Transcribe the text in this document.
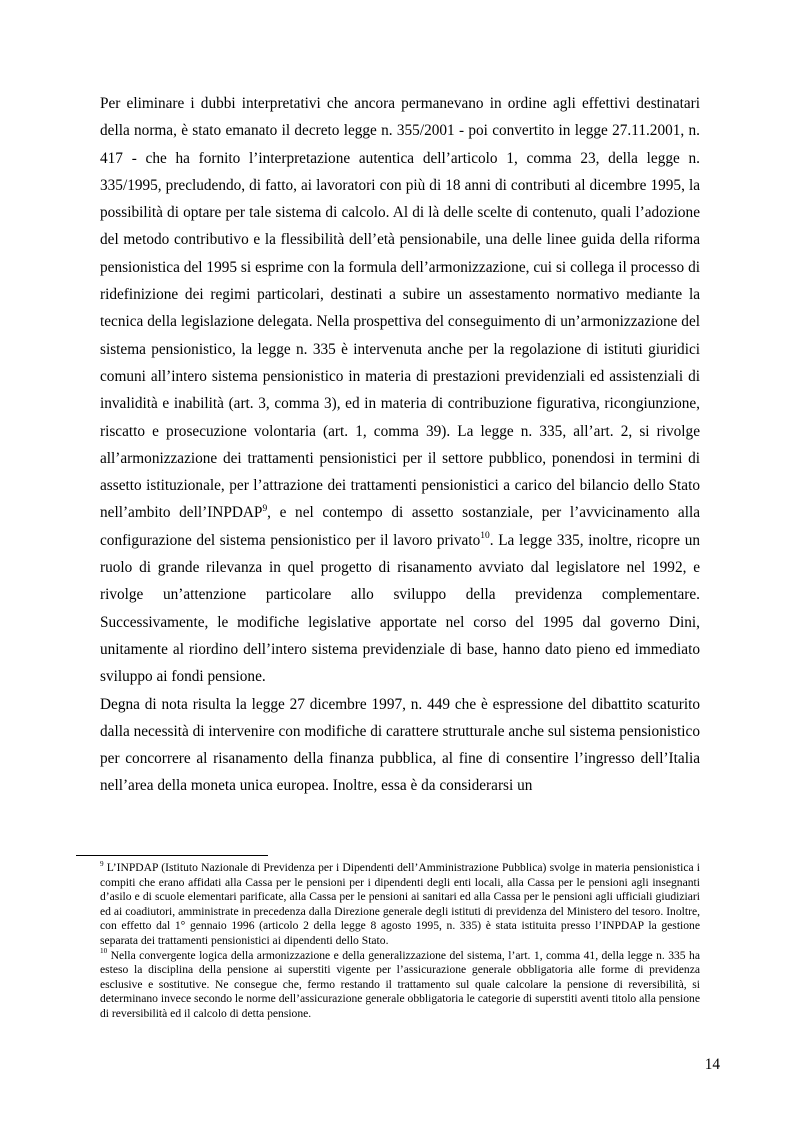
Per eliminare i dubbi interpretativi che ancora permanevano in ordine agli effettivi destinatari della norma, è stato emanato il decreto legge n. 355/2001 - poi convertito in legge 27.11.2001, n. 417 - che ha fornito l’interpretazione autentica dell’articolo 1, comma 23, della legge n. 335/1995, precludendo, di fatto, ai lavoratori con più di 18 anni di contributi al dicembre 1995, la possibilità di optare per tale sistema di calcolo. Al di là delle scelte di contenuto, quali l’adozione del metodo contributivo e la flessibilità dell’età pensionabile, una delle linee guida della riforma pensionistica del 1995 si esprime con la formula dell’armonizzazione, cui si collega il processo di ridefinizione dei regimi particolari, destinati a subire un assestamento normativo mediante la tecnica della legislazione delegata. Nella prospettiva del conseguimento di un’armonizzazione del sistema pensionistico, la legge n. 335 è intervenuta anche per la regolazione di istituti giuridici comuni all’intero sistema pensionistico in materia di prestazioni previdenziali ed assistenziali di invalidità e inabilità (art. 3, comma 3), ed in materia di contribuzione figurativa, ricongiunzione, riscatto e prosecuzione volontaria (art. 1, comma 39). La legge n. 335, all’art. 2, si rivolge all’armonizzazione dei trattamenti pensionistici per il settore pubblico, ponendosi in termini di assetto istituzionale, per l’attrazione dei trattamenti pensionistici a carico del bilancio dello Stato nell’ambito dell’INPDAP$^9$, e nel contempo di assetto sostanziale, per l’avvicinamento alla configurazione del sistema pensionistico per il lavoro privato$^{10}$. La legge 335, inoltre, ricopre un ruolo di grande rilevanza in quel progetto di risanamento avviato dal legislatore nel 1992, e rivolge un’attenzione particolare allo sviluppo della previdenza complementare. Successivamente, le modifiche legislative apportate nel corso del 1995 dal governo Dini, unitamente al riordino dell’intero sistema previdenziale di base, hanno dato pieno ed immediato sviluppo ai fondi pensione.

Degna di nota risulta la legge 27 dicembre 1997, n. 449 che è espressione del dibattito scaturito dalla necessità di intervenire con modifiche di carattere strutturale anche sul sistema pensionistico per concorrere al risanamento della finanza pubblica, al fine di consentire l’ingresso dell’Italia nell’area della moneta unica europea. Inoltre, essa è da considerarsi un

$^9$ L’INPDAP (Istituto Nazionale di Previdenza per i Dipendenti dell’Amministrazione Pubblica) svolge in materia pensionistica i compiti che erano affidati alla Cassa per le pensioni per i dipendenti degli enti locali, alla Cassa per le pensioni agli insegnanti d’asilo e di scuole elementari parificate, alla Cassa per le pensioni ai sanitari ed alla Cassa per le pensioni agli ufficiali giudiziari ed ai coadiutori, amministrate in precedenza dalla Direzione generale degli istituti di previdenza del Ministero del tesoro. Inoltre, con effetto dal 1° gennaio 1996 (articolo 2 della legge 8 agosto 1995, n. 335) è stata istituita presso l’INPDAP la gestione separata dei trattamenti pensionistici ai dipendenti dello Stato.

$^{10}$ Nella convergente logica della armonizzazione e della generalizzazione del sistema, l’art. 1, comma 41, della legge n. 335 ha esteso la disciplina della pensione ai superstiti vigente per l’assicurazione generale obbligatoria alle forme di previdenza esclusive e sostitutive. Ne consegue che, fermo restando il trattamento sul quale calcolare la pensione di reversibilità, si determinano invece secondo le norme dell’assicurazione generale obbligatoria le categorie di superstiti aventi titolo alla pensione di reversibilità ed il calcolo di detta pensione.

14
